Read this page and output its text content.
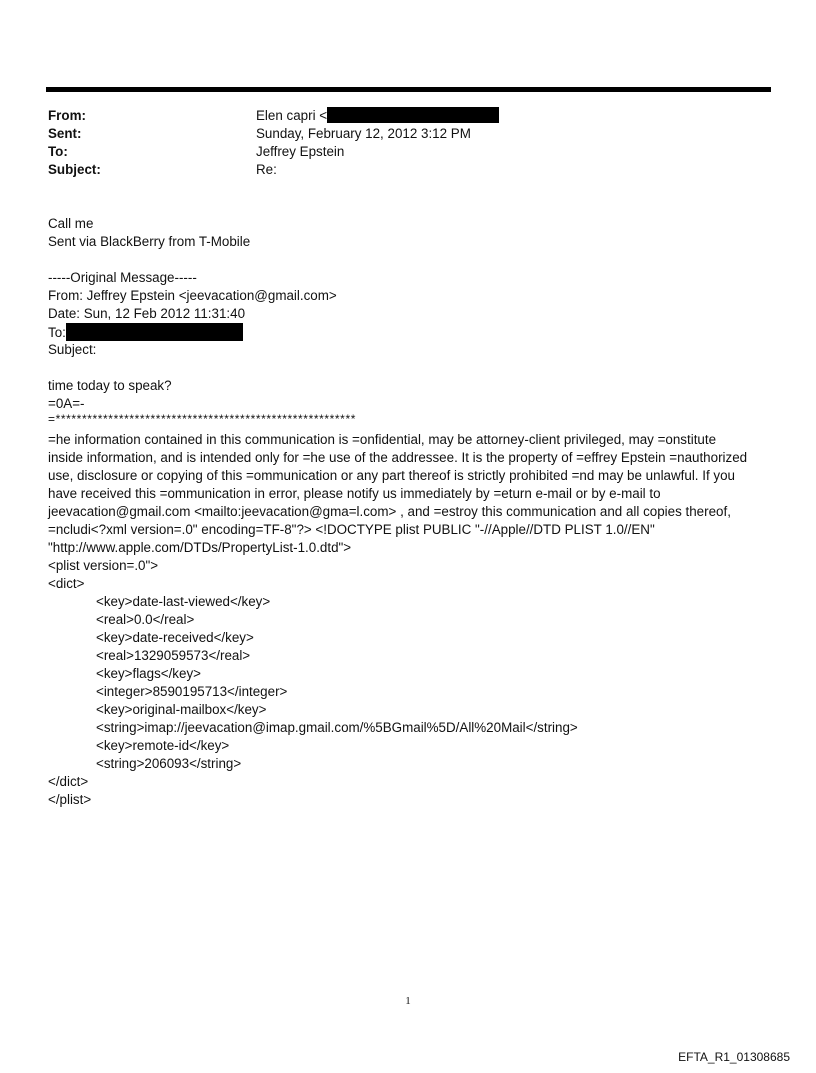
From:	Elen capri <
Sent:	Sunday, February 12, 2012 3:12 PM
To:	Jeffrey Epstein
Subject:	Re:
Call me
Sent via BlackBerry from T-Mobile
-----Original Message-----
From: Jeffrey Epstein <jeevacation@gmail.com>
Date: Sun, 12 Feb 2012 11:31:40
To:
Subject:
time today to speak?
=0A=-
=*********************************************************
=he information contained in this communication is =onfidential, may be attorney-client privileged, may =onstitute
inside information, and is intended only for =he use of the addressee. It is the property of =effrey Epstein =nauthorized
use, disclosure or copying of this =ommunication or any part thereof is strictly prohibited =nd may be unlawful. If you
have received this =ommunication in error, please notify us immediately by =eturn e-mail or by e-mail to
jeevacation@gmail.com <mailto:jeevacation@gma=l.com> , and =estroy this communication and all copies thereof,
=ncludi<?xml version=.0" encoding=TF-8"?> <!DOCTYPE plist PUBLIC "-//Apple//DTD PLIST 1.0//EN"
"http://www.apple.com/DTDs/PropertyList-1.0.dtd">
<plist version=.0">
<dict>
<key>date-last-viewed</key>
<real>0.0</real>
<key>date-received</key>
<real>1329059573</real>
<key>flags</key>
<integer>8590195713</integer>
<key>original-mailbox</key>
<string>imap://jeevacation@imap.gmail.com/%5BGmail%5D/All%20Mail</string>
<key>remote-id</key>
<string>206093</string>
</dict>
</plist>
1
EFTA_R1_01308685
